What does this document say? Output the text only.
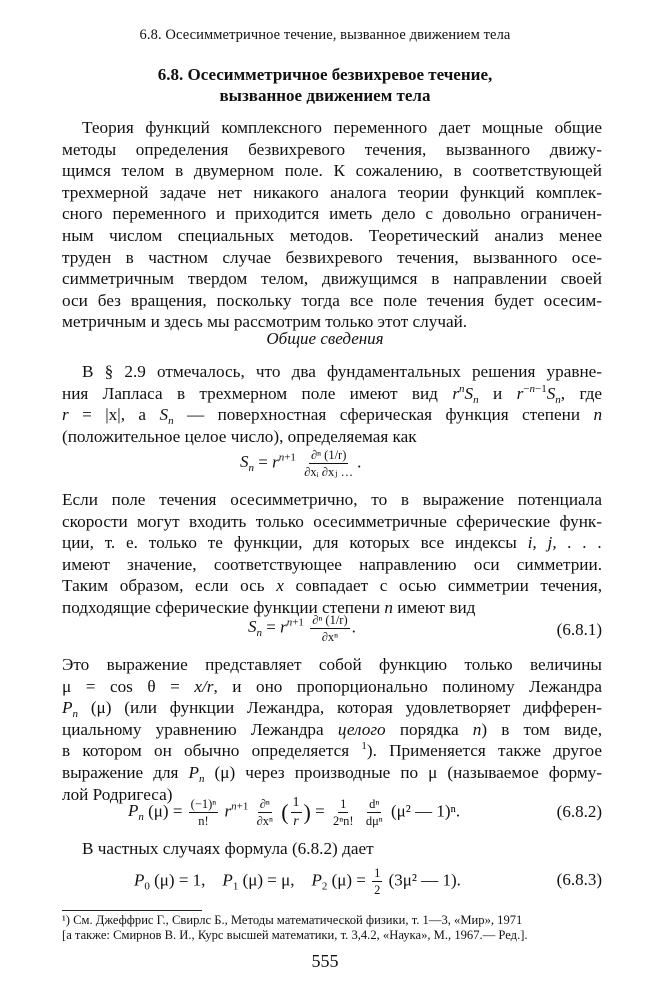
6.8. Осесимметричное течение, вызванное движением тела
6.8. Осесимметричное безвихревое течение,
вызванное движением тела
Теория функций комплексного переменного дает мощные общие
методы определения безвихревого течения, вызванного движу-
щимся телом в двумерном поле. К сожалению, в соответствующей
трехмерной задаче нет никакого аналога теории функций комплек-
сного переменного и приходится иметь дело с довольно ограничен-
ным числом специальных методов. Теоретический анализ менее
труден в частном случае безвихревого течения, вызванного осе-
симметричным твердом телом, движущимся в направлении своей
оси без вращения, поскольку тогда все поле течения будет осесим-
метричным и здесь мы рассмотрим только этот случай.
Общие сведения
В § 2.9 отмечалось, что два фундаментальных решения уравне-
ния Лапласа в трехмерном поле имеют вид $r^nS_n$ и $r^{-n-1}S_n$, где
r = |x|, а $S_n$ — поверхностная сферическая функция степени n
(положительное целое число), определяемая как
$S_n = r^{n+1} \frac{\text{∂ⁿ (1/r)}}{\text{∂xᵢ ∂xⱼ …}}$ .
Если поле течения осесимметрично, то в выражение потенциала
скорости могут входить только осесимметричные сферические функ-
ции, т. е. только те функции, для которых все индексы i, j, . . .
имеют значение, соответствующее направлению оси симметрии.
Таким образом, если ось x совпадает с осью симметрии течения,
подходящие сферические функции степени n имеют вид
$S_n = r^{n+1} \frac{\text{∂ⁿ (1/r)}}{\text{∂xⁿ}}$ .	(6.8.1)
Это выражение представляет собой функцию только величины
μ = cos θ = x/r, и оно пропорционально полиному Лежандра
$P_n$ (μ) (или функции Лежандра, которая удовлетворяет дифферен-
циальному уравнению Лежандра целого порядка n) в том виде,
в котором он обычно определяется $^1$). Применяется также другое
выражение для $P_n$ (μ) через производные по μ (называемое формy-
лой Родригеса)
$P_n$ $(\mu) = \frac{\text{(−1)ⁿ}}{n!} r^{n+1} \frac{\text{∂ⁿ}}{\text{∂xⁿ}}$ ( $\frac{1}{r}$ ) = $\frac{1}{\text{2ⁿn!}}$
$\frac{\text{dⁿ}}{\text{dμⁿ}} (\mu^2$ — 1)ⁿ.	(6.8.2)
В частных случаях формула (6.8.2) дает
$P_0$ (μ) = 1, $P_1$ (μ) = μ, $P_2$ $(\mu) = \frac{1}{2} (3\mu^2$ — 1).	(6.8.3)
¹) См. Джеффрис Г., Свирлс Б., Методы математической физики, т. 1—3, «Мир», 1971
[а также: Смирнов В. И., Курс высшей математики, т. 3,4.2, «Наука», М., 1967.— Ред.].
555
